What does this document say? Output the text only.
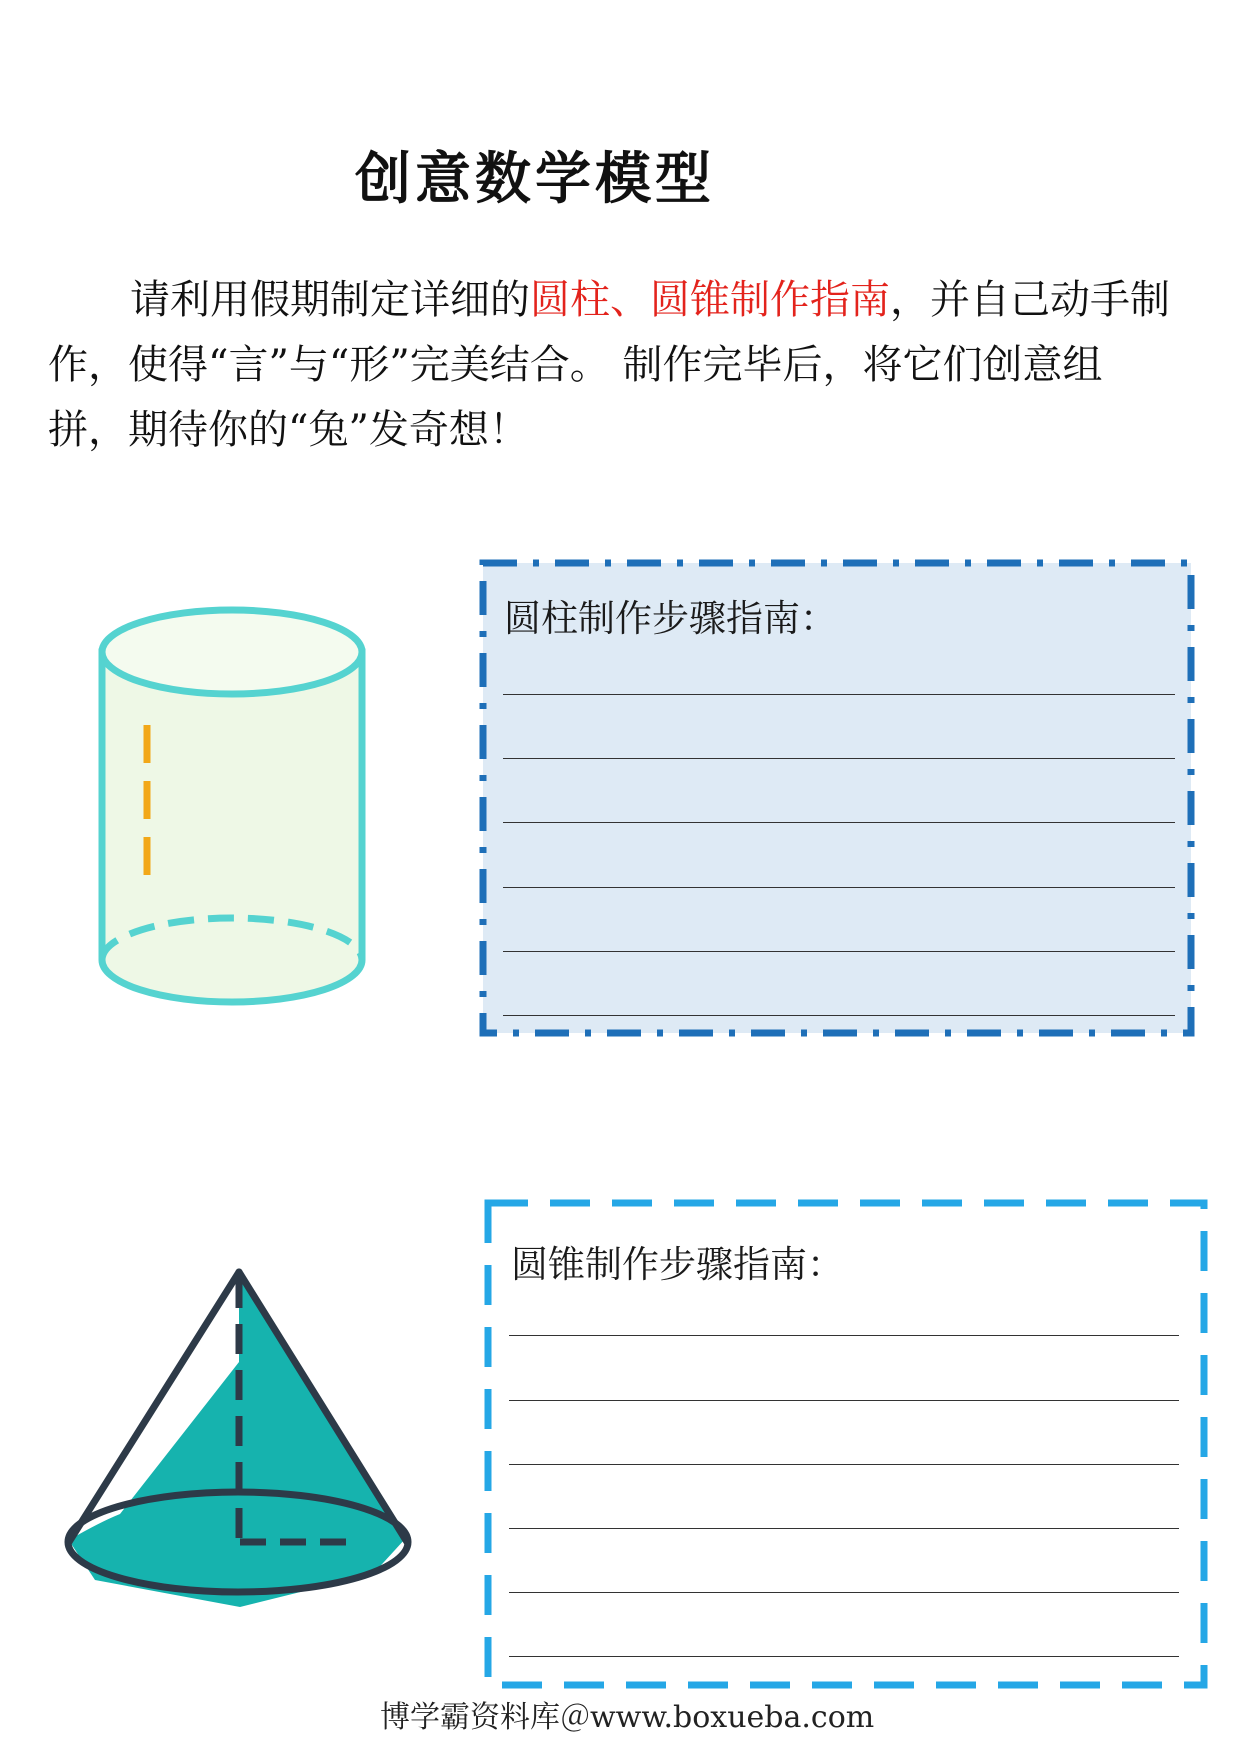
创意数学模型

请利用假期制定详细的圆柱、圆锥制作指南，并自己动手制作，使得“言”与“形”完美结合。 制作完毕后，将它们创意组拼，期待你的“兔”发奇想！

圆柱制作步骤指南：
圆锥制作步骤指南：
博学霸资料库＠www.boxueba.com
